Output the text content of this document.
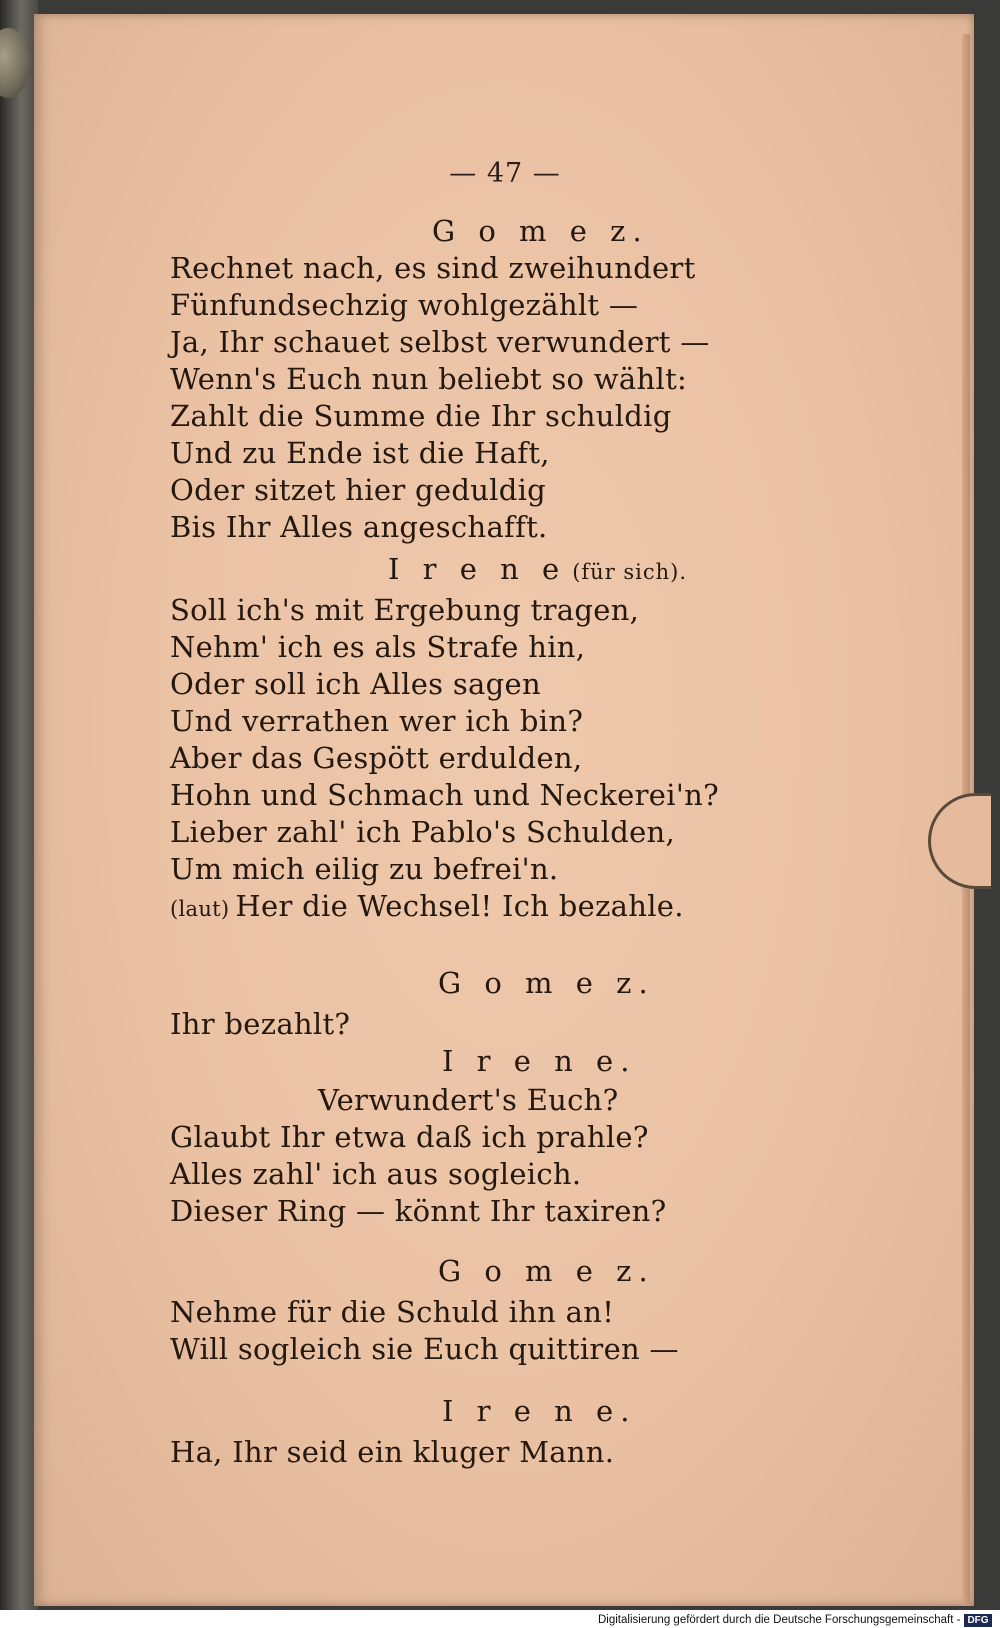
— 47 —
G o m e z.
Rechnet nach, es sind zweihundert
Fünfundsechzig wohlgezählt —
Ja, Ihr schauet selbst verwundert —
Wenn's Euch nun beliebt so wählt:
Zahlt die Summe die Ihr schuldig
Und zu Ende ist die Haft,
Oder sitzet hier geduldig
Bis Ihr Alles angeschafft.
I r e n e (für sich).
Soll ich's mit Ergebung tragen,
Nehm' ich es als Strafe hin,
Oder soll ich Alles sagen
Und verrathen wer ich bin?
Aber das Gespött erdulden,
Hohn und Schmach und Neckerei'n?
Lieber zahl' ich Pablo's Schulden,
Um mich eilig zu befrei'n.
(laut) Her die Wechsel! Ich bezahle.
G o m e z.
Ihr bezahlt?
I r e n e.
Verwundert's Euch?
Glaubt Ihr etwa daß ich prahle?
Alles zahl' ich aus sogleich.
Dieser Ring — könnt Ihr taxiren?
G o m e z.
Nehme für die Schuld ihn an!
Will sogleich sie Euch quittiren —
I r e n e.
Ha, Ihr seid ein kluger Mann.
Digitalisierung gefördert durch die Deutsche Forschungsgemeinschaft - DFG
